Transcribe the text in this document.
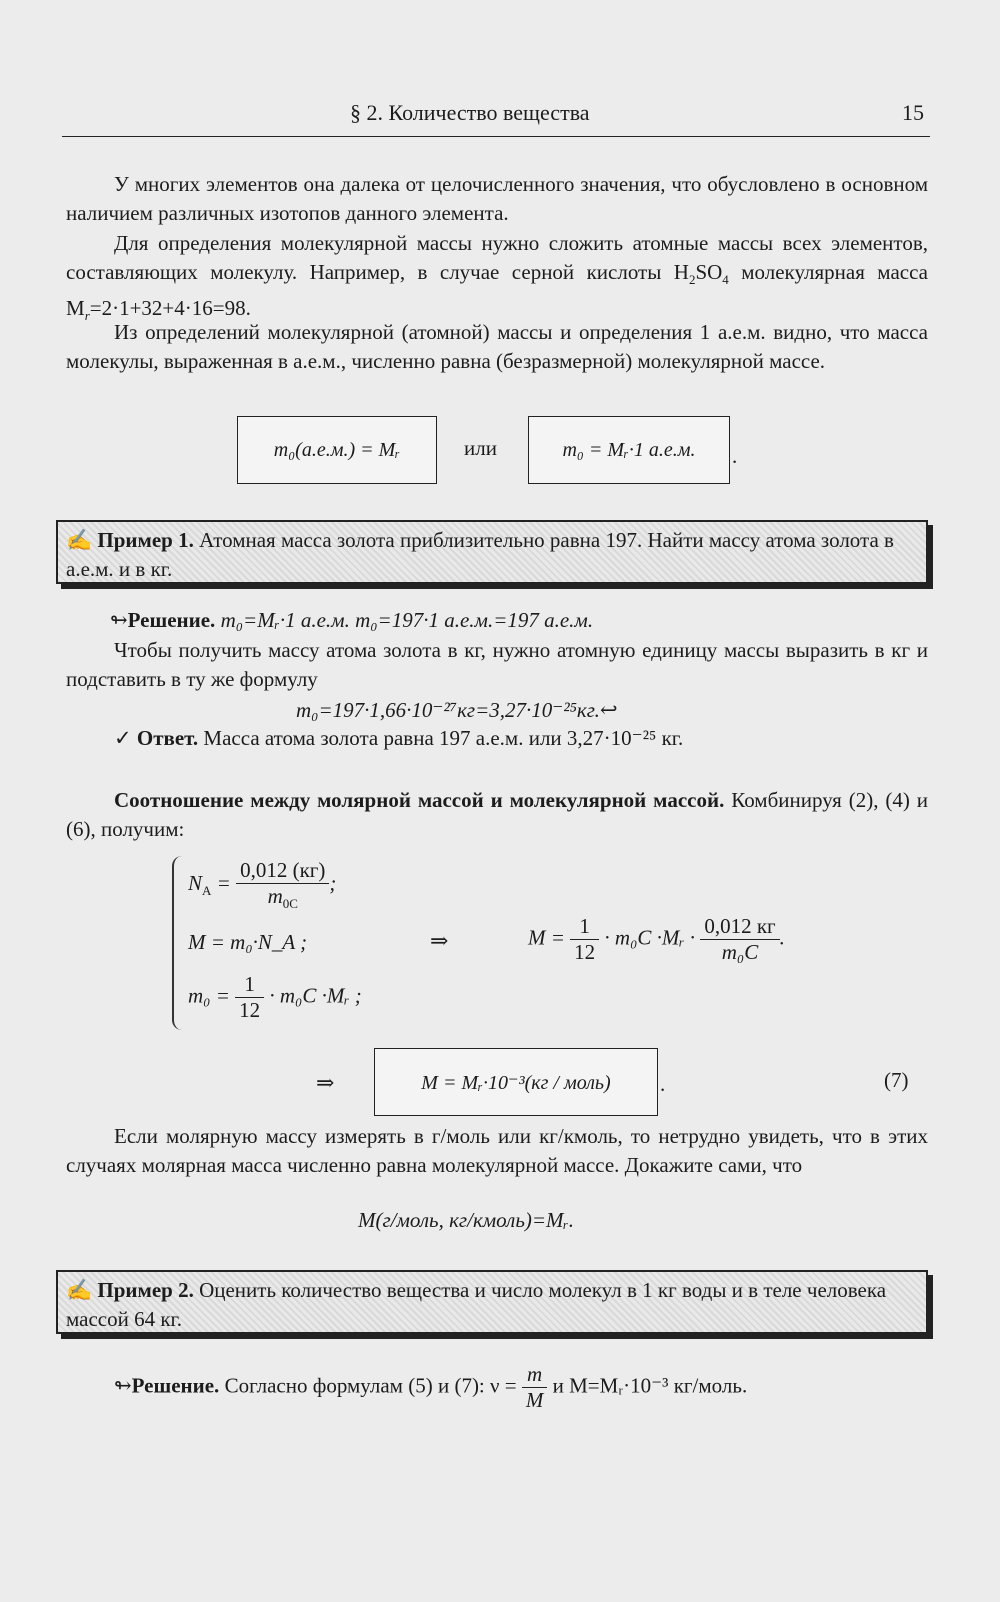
§ 2. Количество вещества	15
У многих элементов она далека от целочисленного значения, что обусловлено в основном наличием различных изотопов данного элемента.
Для определения молекулярной массы нужно сложить атомные массы всех элементов, составляющих молекулу. Например, в случае серной кислоты $H_2SO_4$ молекулярная масса $M_r=2\cdot 1+32+4\cdot 16=98$.
Из определений молекулярной (атомной) массы и определения 1 а.е.м. видно, что масса молекулы, выраженная в а.е.м., численно равна (безразмерной) молекулярной массе.
m₀(а.е.м.) = Mᵣ	или	m₀ = Mᵣ·1 а.е.м.	.
✍ Пример 1. Атомная масса золота приблизительно равна 197. Найти массу атома золота в а.е.м. и в кг.
↬Решение. m₀=Mᵣ·1 а.е.м. m₀=197·1 а.е.м.=197 а.е.м.
Чтобы получить массу атома золота в кг, нужно атомную единицу массы выразить в кг и подставить в ту же формулу
m₀=197·1,66·10⁻²⁷кг=3,27·10⁻²⁵кг.↩
✓ Ответ. Масса атома золота равна 197 а.е.м. или 3,27·10⁻²⁵ кг.
Соотношение между молярной массой и молекулярной массой. Комбинируя (2), (4) и (6), получим:
$N_A = \frac{0,012 (кг)}{m_{0C}}$ ;
M = m₀·N_A ;
$m_0 = \frac{1}{12} \cdot m_0C$ ·Mᵣ ;
⇒	$M = \frac{1}{12} \cdot m_0C$ ·Mᵣ · $\frac{0,012 кг}{\text{m₀C}}$ .
⇒	M = Mᵣ·10⁻³(кг / моль)	.	(7)
Если молярную массу измерять в г/моль или кг/кмоль, то нетрудно увидеть, что в этих случаях молярная масса численно равна молекулярной массе. Докажите сами, что
M(г/моль, кг/кмоль)=Mᵣ.
✍ Пример 2. Оценить количество вещества и число молекул в 1 кг воды и в теле человека массой 64 кг.
↬Решение. Согласно формулам (5) и (7): $\nu = \frac{m}{M}$ и M=Mᵣ·10⁻³ кг/моль.
